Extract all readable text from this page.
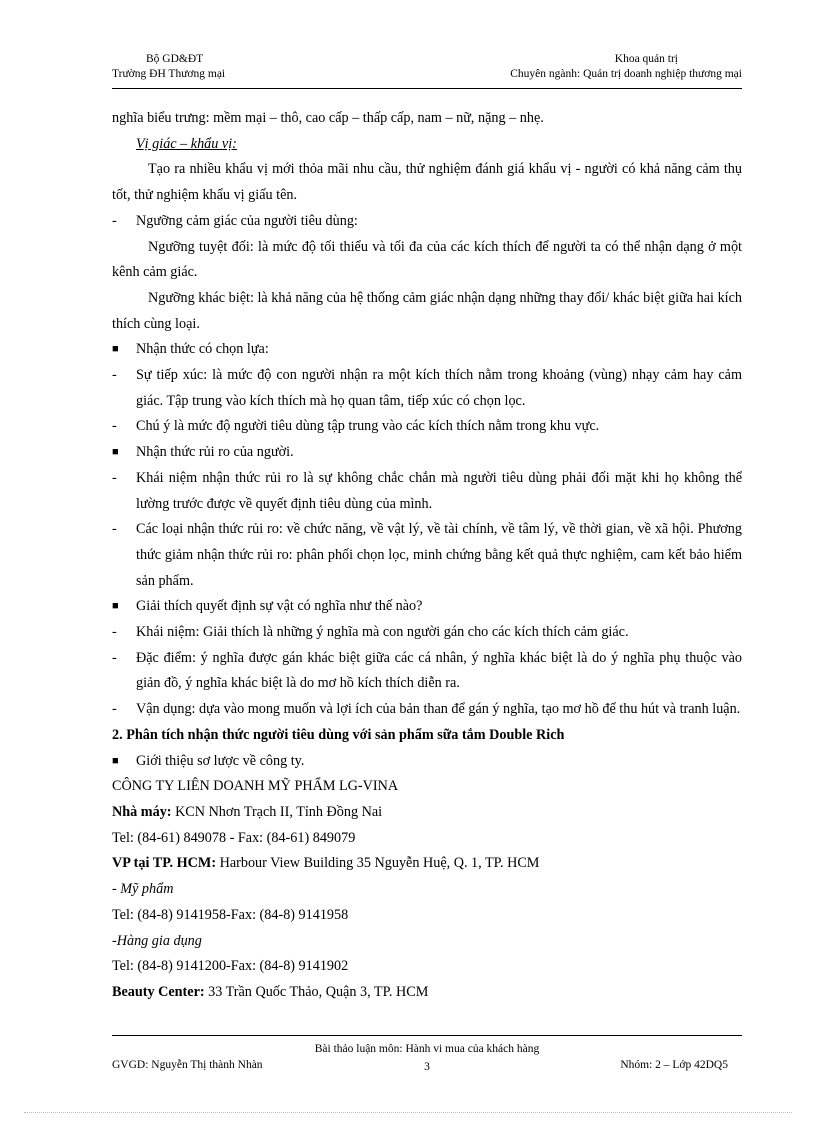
Bộ GD&ĐT
Trường ĐH Thương mại
Khoa quản trị
Chuyên ngành: Quản trị doanh nghiệp thương mại

nghĩa biểu trưng: mềm mại – thô, cao cấp – thấp cấp, nam – nữ, nặng – nhẹ.

Vị giác – khẩu vị:

Tạo ra nhiều khẩu vị mới thỏa mãi nhu cầu, thử nghiệm đánh giá khẩu vị - người có khả năng cảm thụ tốt, thử nghiệm khẩu vị giấu tên.

-	Ngưỡng cảm giác của người tiêu dùng:

Ngưỡng tuyệt đối: là mức độ tối thiểu và tối đa của các kích thích để người ta có thể nhận dạng ở một kênh cảm giác.

Ngưỡng khác biệt: là khả năng của hệ thống cảm giác nhận dạng những thay đổi/ khác biệt giữa hai kích thích cùng loại.

■	Nhận thức có chọn lựa:
-	Sự tiếp xúc: là mức độ con người nhận ra một kích thích nằm trong khoảng (vùng) nhạy cảm hay cảm giác. Tập trung vào kích thích mà họ quan tâm, tiếp xúc có chọn lọc.
-	Chú ý là mức độ người tiêu dùng tập trung vào các kích thích nằm trong khu vực.
■	Nhận thức rủi ro của người.
-	Khái niệm nhận thức rủi ro là sự không chắc chắn mà người tiêu dùng phải đối mặt khi họ không thể lường trước được về quyết định tiêu dùng của mình.
-	Các loại nhận thức rủi ro: về chức năng, về vật lý, về tài chính, về tâm lý, về thời gian, về xã hội. Phương thức giảm nhận thức rủi ro: phân phối chọn lọc, minh chứng bằng kết quả thực nghiệm, cam kết bảo hiểm sản phẩm.
■	Giải thích quyết định sự vật có nghĩa như thế nào?
-	Khái niệm: Giải thích là những ý nghĩa mà con người gán cho các kích thích cảm giác.
-	Đặc điểm: ý nghĩa được gán khác biệt giữa các cá nhân, ý nghĩa khác biệt là do ý nghĩa phụ thuộc vào giản đồ, ý nghĩa khác biệt là do mơ hồ kích thích diễn ra.
-	Vận dụng: dựa vào mong muốn và lợi ích của bản than để gán ý nghĩa, tạo mơ hồ để thu hút và tranh luận.

2. Phân tích nhận thức người tiêu dùng với sản phẩm sữa tắm Double Rich

■	Giới thiệu sơ lược về công ty.

CÔNG TY LIÊN DOANH MỸ PHẨM LG-VINA

Nhà máy: KCN Nhơn Trạch II, Tỉnh Đồng Nai

Tel: (84-61) 849078 - Fax: (84-61) 849079

VP tại TP. HCM: Harbour View Building 35 Nguyễn Huệ, Q. 1, TP. HCM

- Mỹ phẩm

Tel: (84-8) 9141958-Fax: (84-8) 9141958

-Hàng gia dụng

Tel: (84-8) 9141200-Fax: (84-8) 9141902

Beauty Center: 33 Trần Quốc Thảo, Quận 3, TP. HCM

Bài thảo luận môn: Hành vi mua của khách hàng
GVGD: Nguyễn Thị thành Nhàn	3	Nhóm: 2 – Lớp 42DQ5
